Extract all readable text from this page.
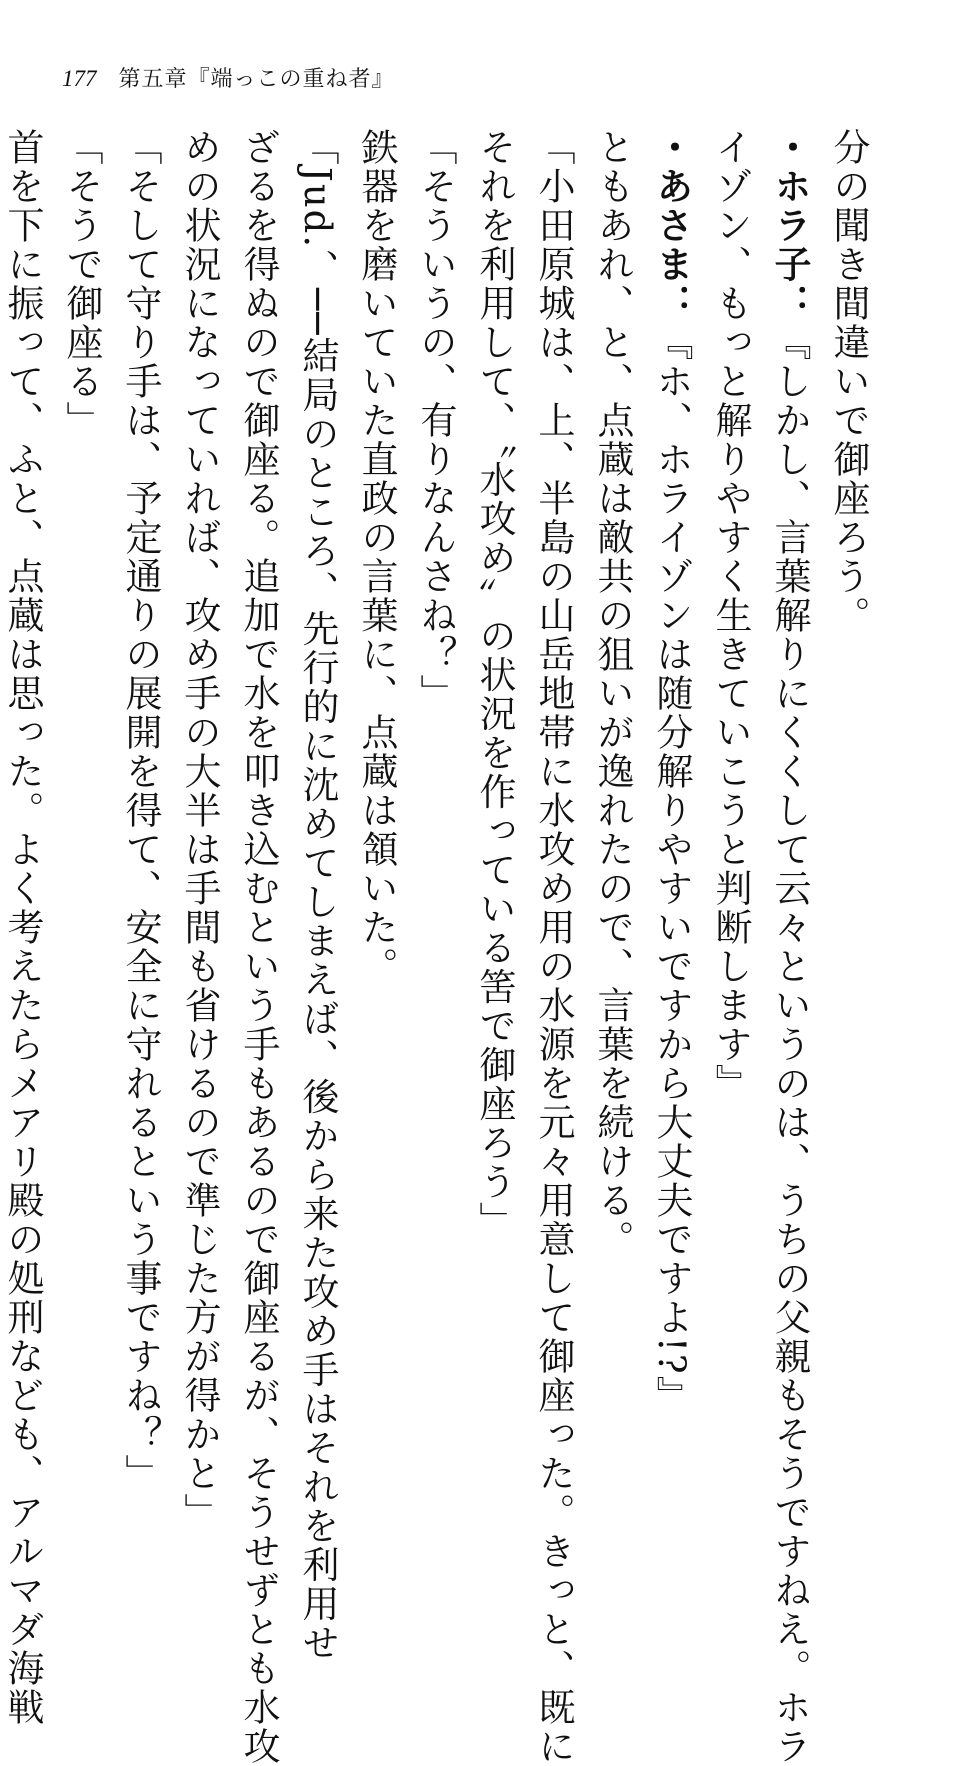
177 第五章『端っこの重ね者』
分の聞き間違いで御座ろう。
・ホラ子：『しかし、言葉解りにくくして云々というのは、うちの父親もそうですねえ。ホラ
イゾン、もっと解りやすく生きていこうと判断します』
・あさま：『ホ、ホライゾンは随分解りやすいですから大丈夫ですよ!?』
ともあれ、と、点蔵は敵共の狙いが逸れたので、言葉を続ける。
「小田原城は、上、半島の山岳地帯に水攻め用の水源を元々用意して御座った。きっと、既に
それを利用して、〝水攻め〟の状況を作っている筈で御座ろう」
「そういうの、有りなんさね？」
鉄器を磨いていた直政の言葉に、点蔵は頷いた。
「Jud.、──結局のところ、先行的に沈めてしまえば、後から来た攻め手はそれを利用せ
ざるを得ぬので御座る。追加で水を叩き込むという手もあるので御座るが、そうせずとも水攻
めの状況になっていれば、攻め手の大半は手間も省けるので準じた方が得かと」
「そして守り手は、予定通りの展開を得て、安全に守れるという事ですね？」
「そうで御座る」
首を下に振って、ふと、点蔵は思った。よく考えたらメアリ殿の処刑なども、アルマダ海戦
